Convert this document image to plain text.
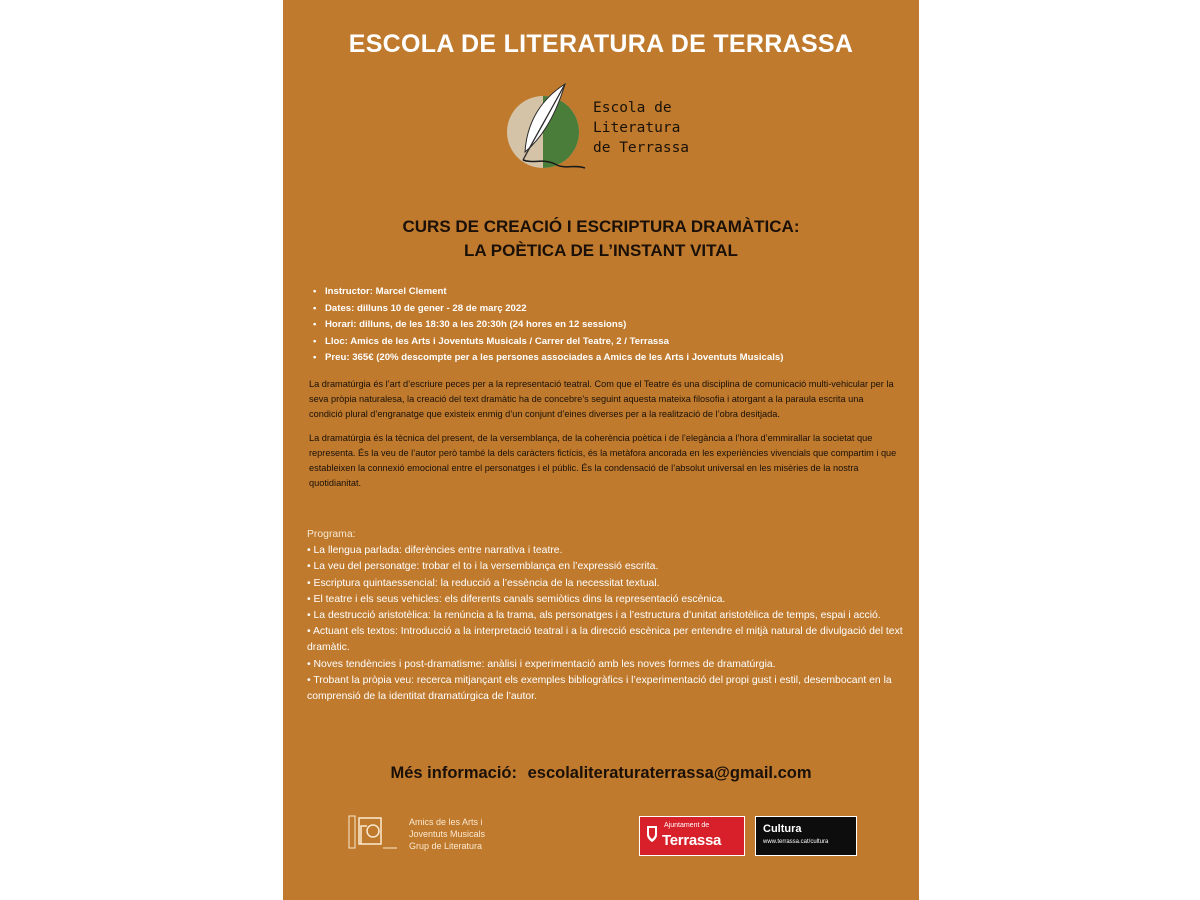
ESCOLA DE LITERATURA DE TERRASSA
Escola de
Literatura
de Terrassa
CURS DE CREACIÓ I ESCRIPTURA DRAMÀTICA:
LA POÈTICA DE L’INSTANT VITAL
• Instructor: Marcel Clement
• Dates: dilluns 10 de gener - 28 de març 2022
• Horari: dilluns, de les 18:30 a les 20:30h (24 hores en 12 sessions)
• Lloc: Amics de les Arts i Joventuts Musicals / Carrer del Teatre, 2 / Terrassa
• Preu: 365€ (20% descompte per a les persones associades a Amics de les Arts i Joventuts Musicals)

La dramatúrgia és l’art d’escriure peces per a la representació teatral. Com que el Teatre és una disciplina de comunicació multi-vehicular per la seva pròpia naturalesa, la creació del text dramàtic ha de concebre’s seguint aquesta mateixa filosofia i atorgant a la paraula escrita una condició plural d’engranatge que existeix enmig d’un conjunt d’eines diverses per a la realització de l’obra desitjada.

La dramatúrgia és la tècnica del present, de la versemblança, de la coherència poètica i de l’elegància a l’hora d’emmirallar la societat que representa. És la veu de l’autor però també la dels caràcters fictícis, és la metàfora ancorada en les experiències vivencials que compartim i que estableixen la connexió emocional entre el personatges i el públic. És la condensació de l’absolut universal en les misèries de la nostra quotidianitat.

Programa:
• La llengua parlada: diferències entre narrativa i teatre.
• La veu del personatge: trobar el to i la versemblança en l’expressió escrita.
• Escriptura quintaessencial: la reducció a l’essència de la necessitat textual.
• El teatre i els seus vehicles: els diferents canals semiòtics dins la representació escènica.
• La destrucció aristotèlica: la renúncia a la trama, als personatges i a l’estructura d’unitat aristotèlica de temps, espai i acció.
• Actuant els textos: Introducció a la interpretació teatral i a la direcció escènica per entendre el mitjà natural de divulgació del text dramàtic.
• Noves tendències i post-dramatisme: anàlisi i experimentació amb les noves formes de dramatúrgia.
• Trobant la pròpia veu: recerca mitjançant els exemples bibliogràfics i l’experimentació del propi gust i estil, desembocant en la comprensió de la identitat dramatúrgica de l’autor.
Més informació: escolaliteraturaterrassa@gmail.com
Amics de les Arts i
Joventuts Musicals
Grup de Literatura
Ajuntament de
Terrassa
Cultura
www.terrassa.cat/cultura
